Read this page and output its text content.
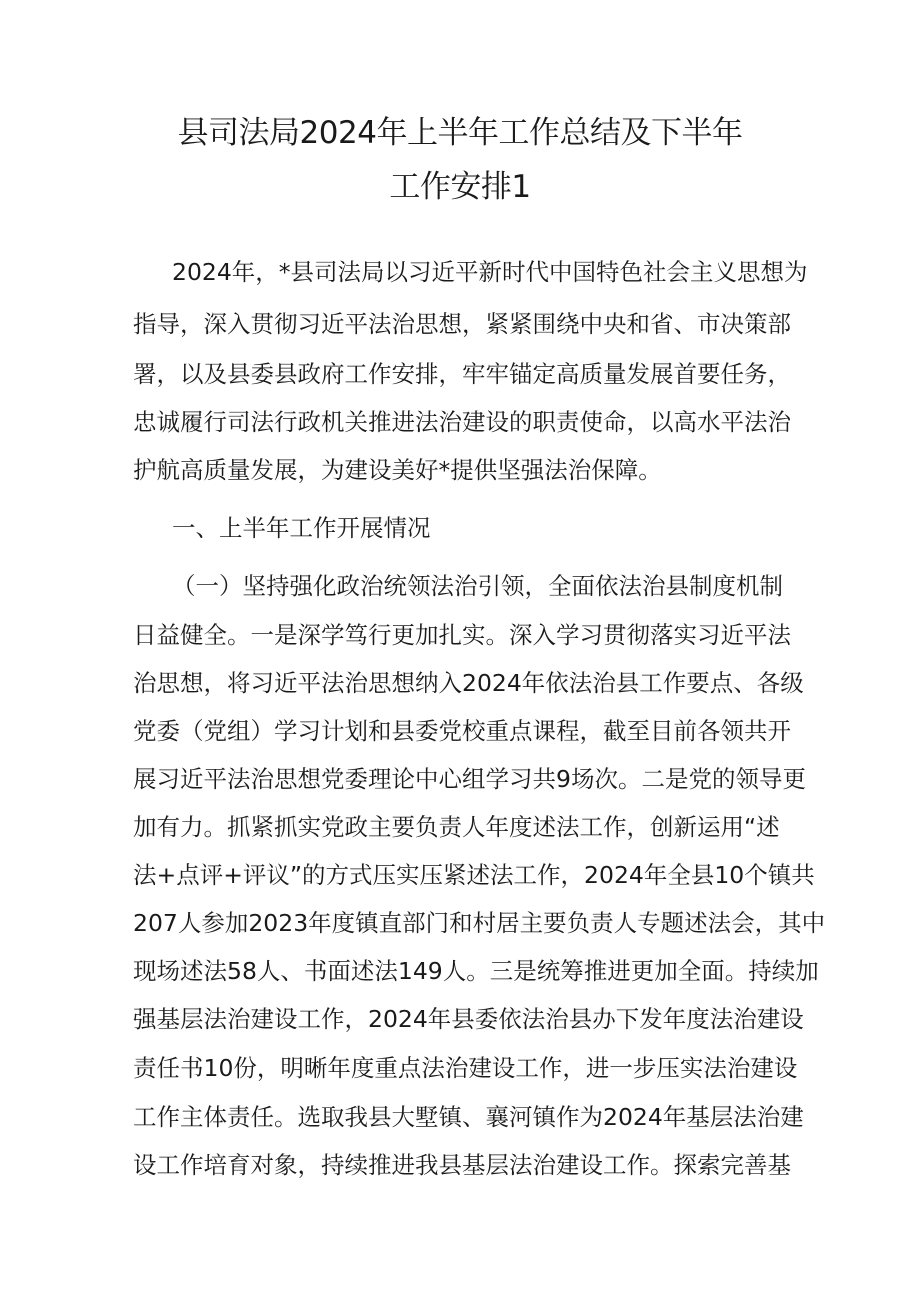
县司法局2024年上半年工作总结及下半年
工作安排1
2024年，*县司法局以习近平新时代中国特色社会主义思想为
指导，深入贯彻习近平法治思想，紧紧围绕中央和省、市决策部
署，以及县委县政府工作安排，牢牢锚定高质量发展首要任务，
忠诚履行司法行政机关推进法治建设的职责使命，以高水平法治
护航高质量发展，为建设美好*提供坚强法治保障。
一、上半年工作开展情况
（一）坚持强化政治统领法治引领，全面依法治县制度机制
日益健全。一是深学笃行更加扎实。深入学习贯彻落实习近平法
治思想，将习近平法治思想纳入2024年依法治县工作要点、各级
党委（党组）学习计划和县委党校重点课程，截至目前各领共开
展习近平法治思想党委理论中心组学习共9场次。二是党的领导更
加有力。抓紧抓实党政主要负责人年度述法工作，创新运用“述
法+点评+评议”的方式压实压紧述法工作，2024年全县10个镇共
207人参加2023年度镇直部门和村居主要负责人专题述法会，其中
现场述法58人、书面述法149人。三是统筹推进更加全面。持续加
强基层法治建设工作，2024年县委依法治县办下发年度法治建设
责任书10份，明晰年度重点法治建设工作，进一步压实法治建设
工作主体责任。选取我县大墅镇、襄河镇作为2024年基层法治建
设工作培育对象，持续推进我县基层法治建设工作。探索完善基
